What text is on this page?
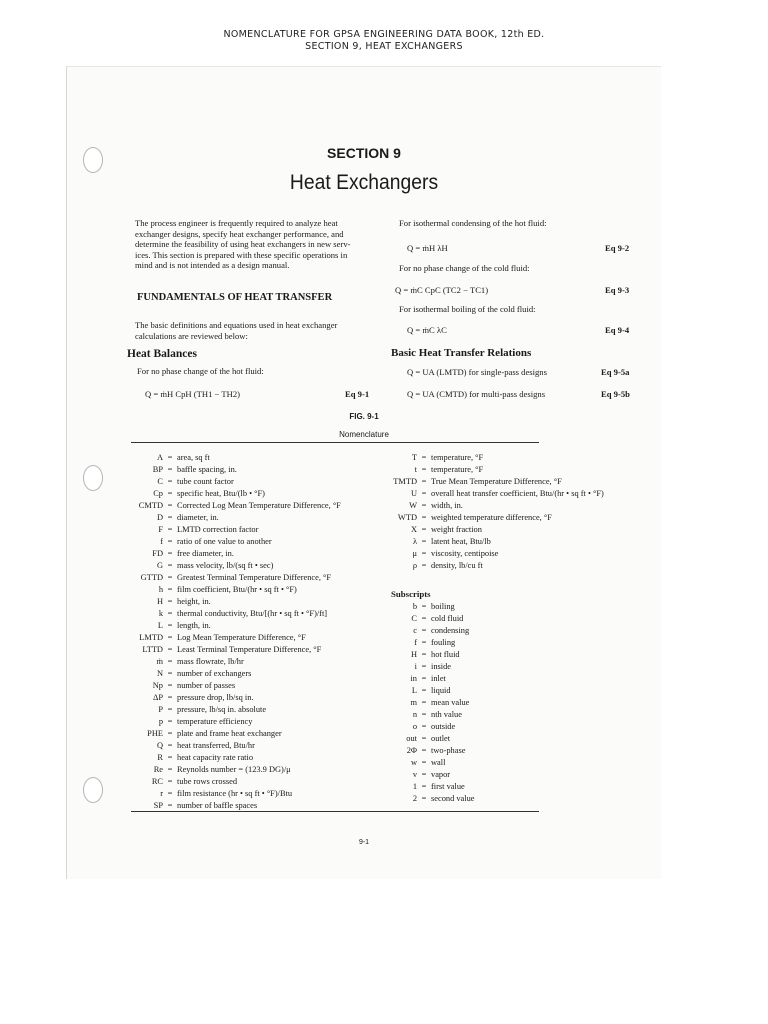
NOMENCLATURE FOR GPSA ENGINEERING DATA BOOK, 12th ED.
SECTION 9, HEAT EXCHANGERS
SECTION 9
Heat Exchangers
The process engineer is frequently required to analyze heat
exchanger designs, specify heat exchanger performance, and
determine the feasibility of using heat exchangers in new serv-
ices. This section is prepared with these specific operations in
mind and is not intended as a design manual.
FUNDAMENTALS OF HEAT TRANSFER
The basic definitions and equations used in heat exchanger
calculations are reviewed below:
Heat Balances
For no phase change of the hot fluid:
Q = ṁH CpH (TH1 − TH2)	Eq 9-1
For isothermal condensing of the hot fluid:
Q = ṁH λH	Eq 9-2
For no phase change of the cold fluid:
Q = ṁC CpC (TC2 − TC1)	Eq 9-3
For isothermal boiling of the cold fluid:
Q = ṁC λC	Eq 9-4
Basic Heat Transfer Relations
Q = UA (LMTD) for single-pass designs	Eq 9-5a
Q = UA (CMTD) for multi-pass designs	Eq 9-5b
FIG. 9-1
Nomenclature
A = area, sq ft
BP = baffle spacing, in.
C = tube count factor
Cp = specific heat, Btu/(lb • °F)
CMTD = Corrected Log Mean Temperature Difference, °F
D = diameter, in.
F = LMTD correction factor
f = ratio of one value to another
FD = free diameter, in.
G = mass velocity, lb/(sq ft • sec)
GTTD = Greatest Terminal Temperature Difference, °F
h = film coefficient, Btu/(hr • sq ft • °F)
H = height, in.
k = thermal conductivity, Btu/[(hr • sq ft • °F)/ft]
L = length, in.
LMTD = Log Mean Temperature Difference, °F
LTTD = Least Terminal Temperature Difference, °F
ṁ = mass flowrate, lb/hr
N = number of exchangers
Np = number of passes
ΔP = pressure drop, lb/sq in.
P = pressure, lb/sq in. absolute
p = temperature efficiency
PHE = plate and frame heat exchanger
Q = heat transferred, Btu/hr
R = heat capacity rate ratio
Re = Reynolds number = (123.9 DG)/μ
RC = tube rows crossed
r = film resistance (hr • sq ft • °F)/Btu
SP = number of baffle spaces
T = temperature, °F
t = temperature, °F
TMTD = True Mean Temperature Difference, °F
U = overall heat transfer coefficient, Btu/(hr • sq ft • °F)
W = width, in.
WTD = weighted temperature difference, °F
X = weight fraction
λ = latent heat, Btu/lb
μ = viscosity, centipoise
ρ = density, lb/cu ft
Subscripts
b = boiling
C = cold fluid
c = condensing
f = fouling
H = hot fluid
i = inside
in = inlet
L = liquid
m = mean value
n = nth value
o = outside
out = outlet
2Φ = two-phase
w = wall
v = vapor
1 = first value
2 = second value
9-1
